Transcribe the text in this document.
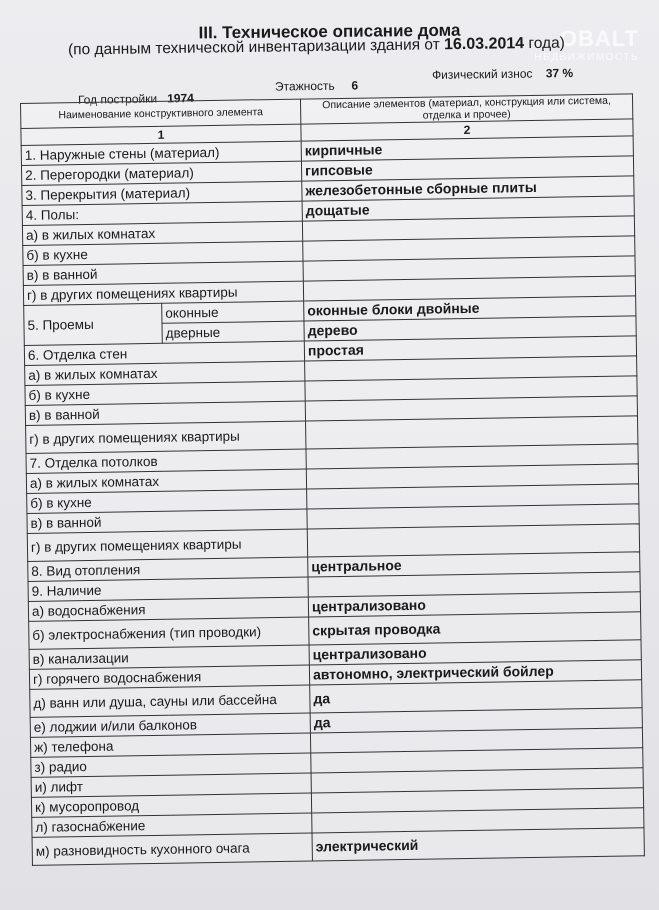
OBALT
НЕДВИЖИМОСТЬ
III. Техническое описание дома
(по данным технической инвентаризации здания от 16.03.2014 года)
Год постройки 1974
Этажность 6
Физический износ 37 %
Наименование конструктивного элемента		Описание элементов (материал, конструкция или система, отделка и прочее)
1		2
1. Наружные стены (материал)		кирпичные
2. Перегородки (материал)		гипсовые
3. Перекрытия (материал)		железобетонные сборные плиты
4. Полы:		дощатые
а) в жилых комнатах		
б) в кухне		
в) в ванной		
г) в других помещениях квартиры		
5. Проемы	оконные	оконные блоки двойные
	дверные	дерево
6. Отделка стен		простая
а) в жилых комнатах		
б) в кухне		
в) в ванной		
г) в других помещениях квартиры		
7. Отделка потолков		
а) в жилых комнатах		
б) в кухне		
в) в ванной		
г) в других помещениях квартиры		
8. Вид отопления		центральное
9. Наличие		
а) водоснабжения		централизовано
б) электроснабжения (тип проводки)		скрытая проводка
в) канализации		централизовано
г) горячего водоснабжения		автономно, электрический бойлер
д) ванн или душа, сауны или бассейна		да
е) лоджии и/или балконов		да
ж) телефона		
з) радио		
и) лифт		
к) мусоропровод		
л) газоснабжение		
м) разновидность кухонного очага		электрический
